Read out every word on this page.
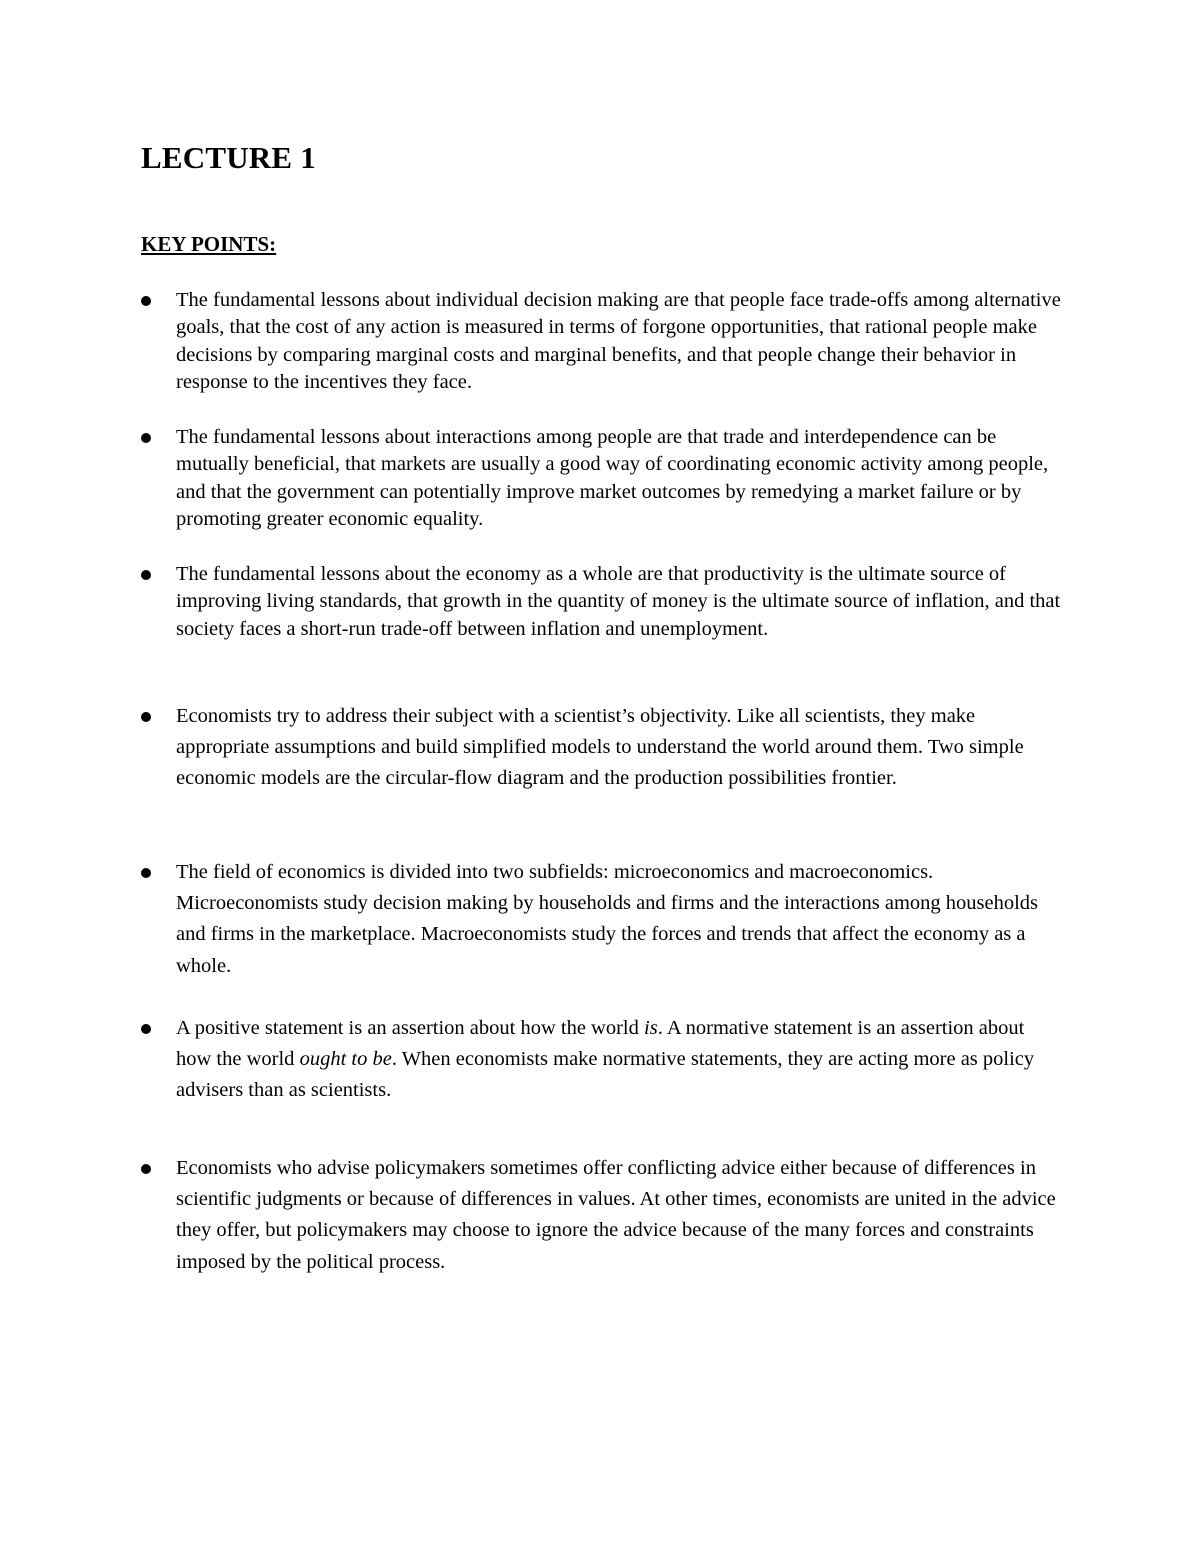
LECTURE 1
KEY POINTS:
The fundamental lessons about individual decision making are that people face trade-offs among alternative goals, that the cost of any action is measured in terms of forgone opportunities, that rational people make decisions by comparing marginal costs and marginal benefits, and that people change their behavior in response to the incentives they face.
The fundamental lessons about interactions among people are that trade and interdependence can be mutually beneficial, that markets are usually a good way of coordinating economic activity among people, and that the government can potentially improve market outcomes by remedying a market failure or by promoting greater economic equality.
The fundamental lessons about the economy as a whole are that productivity is the ultimate source of improving living standards, that growth in the quantity of money is the ultimate source of inflation, and that society faces a short-run trade-off between inflation and unemployment.
Economists try to address their subject with a scientist’s objectivity. Like all scientists, they make appropriate assumptions and build simplified models to understand the world around them. Two simple economic models are the circular-flow diagram and the production possibilities frontier.
The field of economics is divided into two subfields: microeconomics and macroeconomics. Microeconomists study decision making by households and firms and the interactions among households and firms in the marketplace. Macroeconomists study the forces and trends that affect the economy as a whole.
A positive statement is an assertion about how the world is. A normative statement is an assertion about how the world ought to be. When economists make normative statements, they are acting more as policy advisers than as scientists.
Economists who advise policymakers sometimes offer conflicting advice either because of differences in scientific judgments or because of differences in values. At other times, economists are united in the advice they offer, but policymakers may choose to ignore the advice because of the many forces and constraints imposed by the political process.
